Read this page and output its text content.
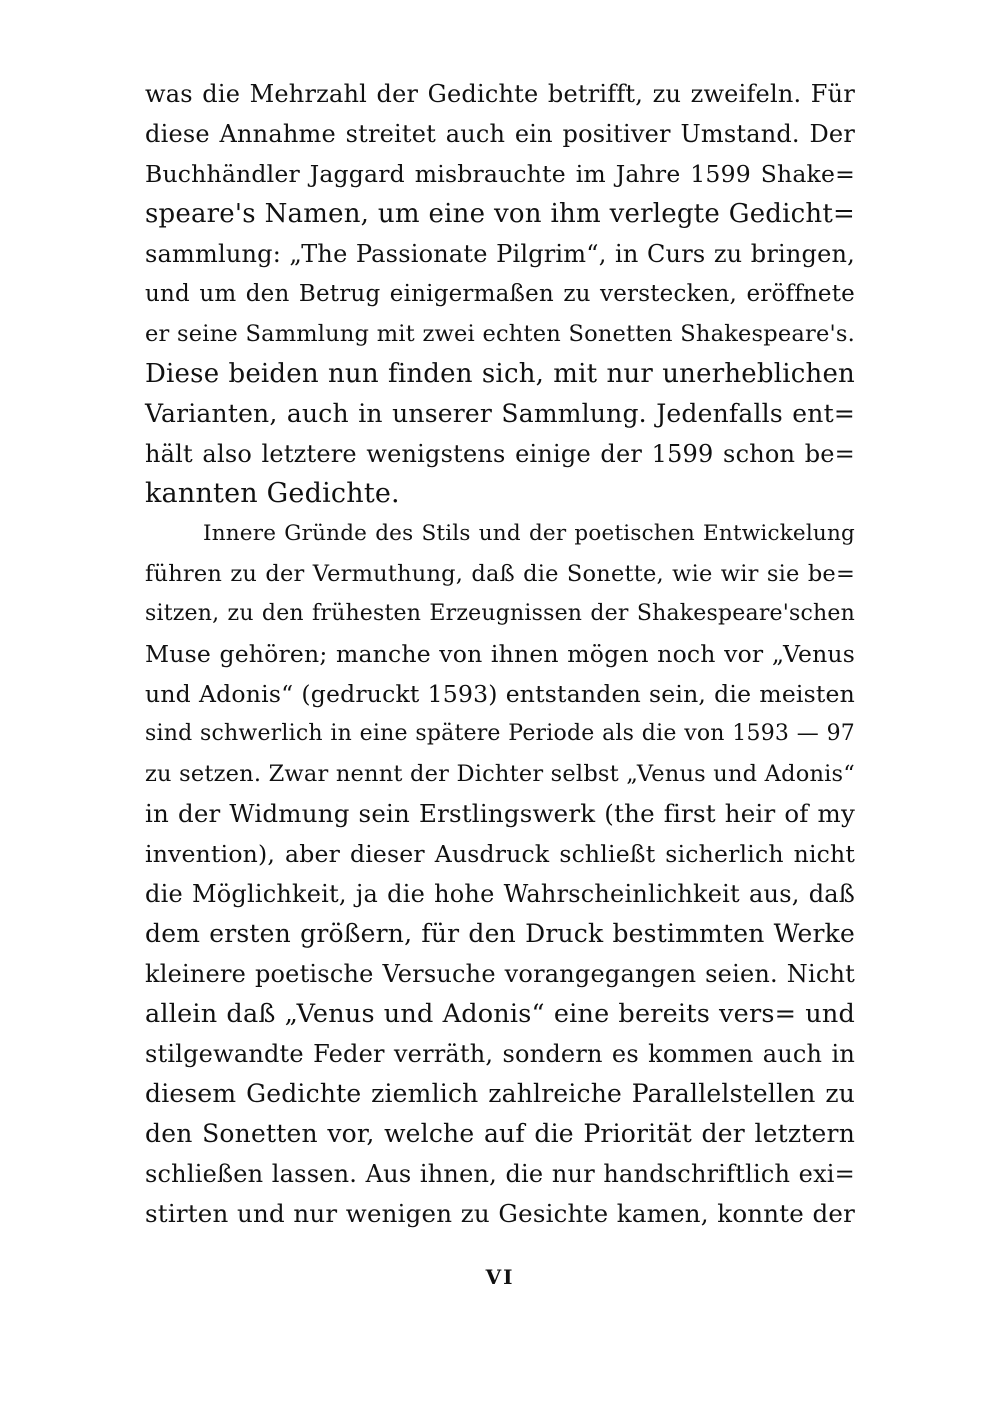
was die Mehrzahl der Gedichte betrifft, zu zweifeln. Für
diese Annahme streitet auch ein positiver Umstand. Der
Buchhändler Jaggard misbrauchte im Jahre 1599 Shake=
speare's Namen, um eine von ihm verlegte Gedicht=
sammlung: „The Passionate Pilgrim“, in Curs zu bringen,
und um den Betrug einigermaßen zu verstecken, eröffnete
er seine Sammlung mit zwei echten Sonetten Shakespeare's.
Diese beiden nun finden sich, mit nur unerheblichen
Varianten, auch in unserer Sammlung. Jedenfalls ent=
hält also letztere wenigstens einige der 1599 schon be=
kannten Gedichte.
Innere Gründe des Stils und der poetischen Entwickelung
führen zu der Vermuthung, daß die Sonette, wie wir sie be=
sitzen, zu den frühesten Erzeugnissen der Shakespeare'schen
Muse gehören; manche von ihnen mögen noch vor „Venus
und Adonis“ (gedruckt 1593) entstanden sein, die meisten
sind schwerlich in eine spätere Periode als die von 1593 — 97
zu setzen. Zwar nennt der Dichter selbst „Venus und Adonis“
in der Widmung sein Erstlingswerk (the first heir of my
invention), aber dieser Ausdruck schließt sicherlich nicht
die Möglichkeit, ja die hohe Wahrscheinlichkeit aus, daß
dem ersten größern, für den Druck bestimmten Werke
kleinere poetische Versuche vorangegangen seien. Nicht
allein daß „Venus und Adonis“ eine bereits vers= und
stilgewandte Feder verräth, sondern es kommen auch in
diesem Gedichte ziemlich zahlreiche Parallelstellen zu
den Sonetten vor, welche auf die Priorität der letztern
schließen lassen. Aus ihnen, die nur handschriftlich exi=
stirten und nur wenigen zu Gesichte kamen, konnte der
VI
